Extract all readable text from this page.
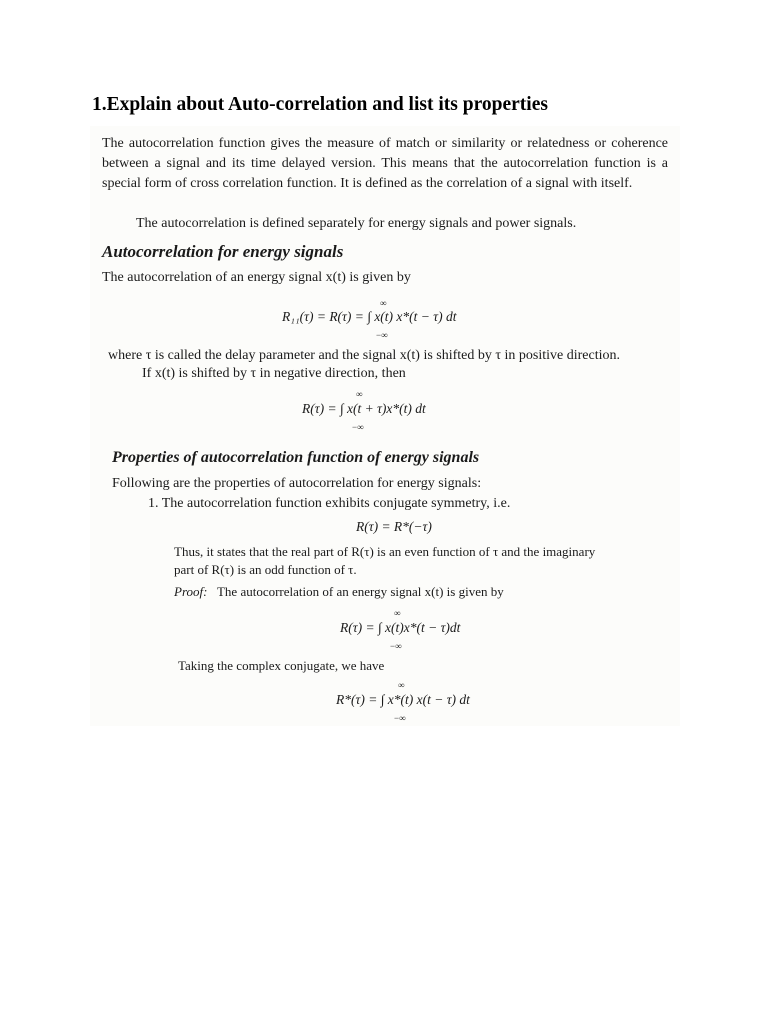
1.Explain about Auto-correlation and list its properties
The autocorrelation function gives the measure of match or similarity or relatedness or coherence between a signal and its time delayed version. This means that the autocorrelation function is a special form of cross correlation function. It is defined as the correlation of a signal with itself.
The autocorrelation is defined separately for energy signals and power signals.
Autocorrelation for energy signals
The autocorrelation of an energy signal x(t) is given by
R₁₁(τ) = R(τ) = ∫ x(t) x*(t − τ) dt
∞
−∞
where τ is called the delay parameter and the signal x(t) is shifted by τ in positive direction.
If x(t) is shifted by τ in negative direction, then
R(τ) = ∫ x(t + τ)x*(t) dt
∞
−∞
Properties of autocorrelation function of energy signals
Following are the properties of autocorrelation for energy signals:
1. The autocorrelation function exhibits conjugate symmetry, i.e.
R(τ) = R*(−τ)
Thus, it states that the real part of R(τ) is an even function of τ and the imaginary
part of R(τ) is an odd function of τ.
Proof: The autocorrelation of an energy signal x(t) is given by
R(τ) = ∫ x(t)x*(t − τ)dt
∞
−∞
Taking the complex conjugate, we have
R*(τ) = ∫ x*(t) x(t − τ) dt
∞
−∞
